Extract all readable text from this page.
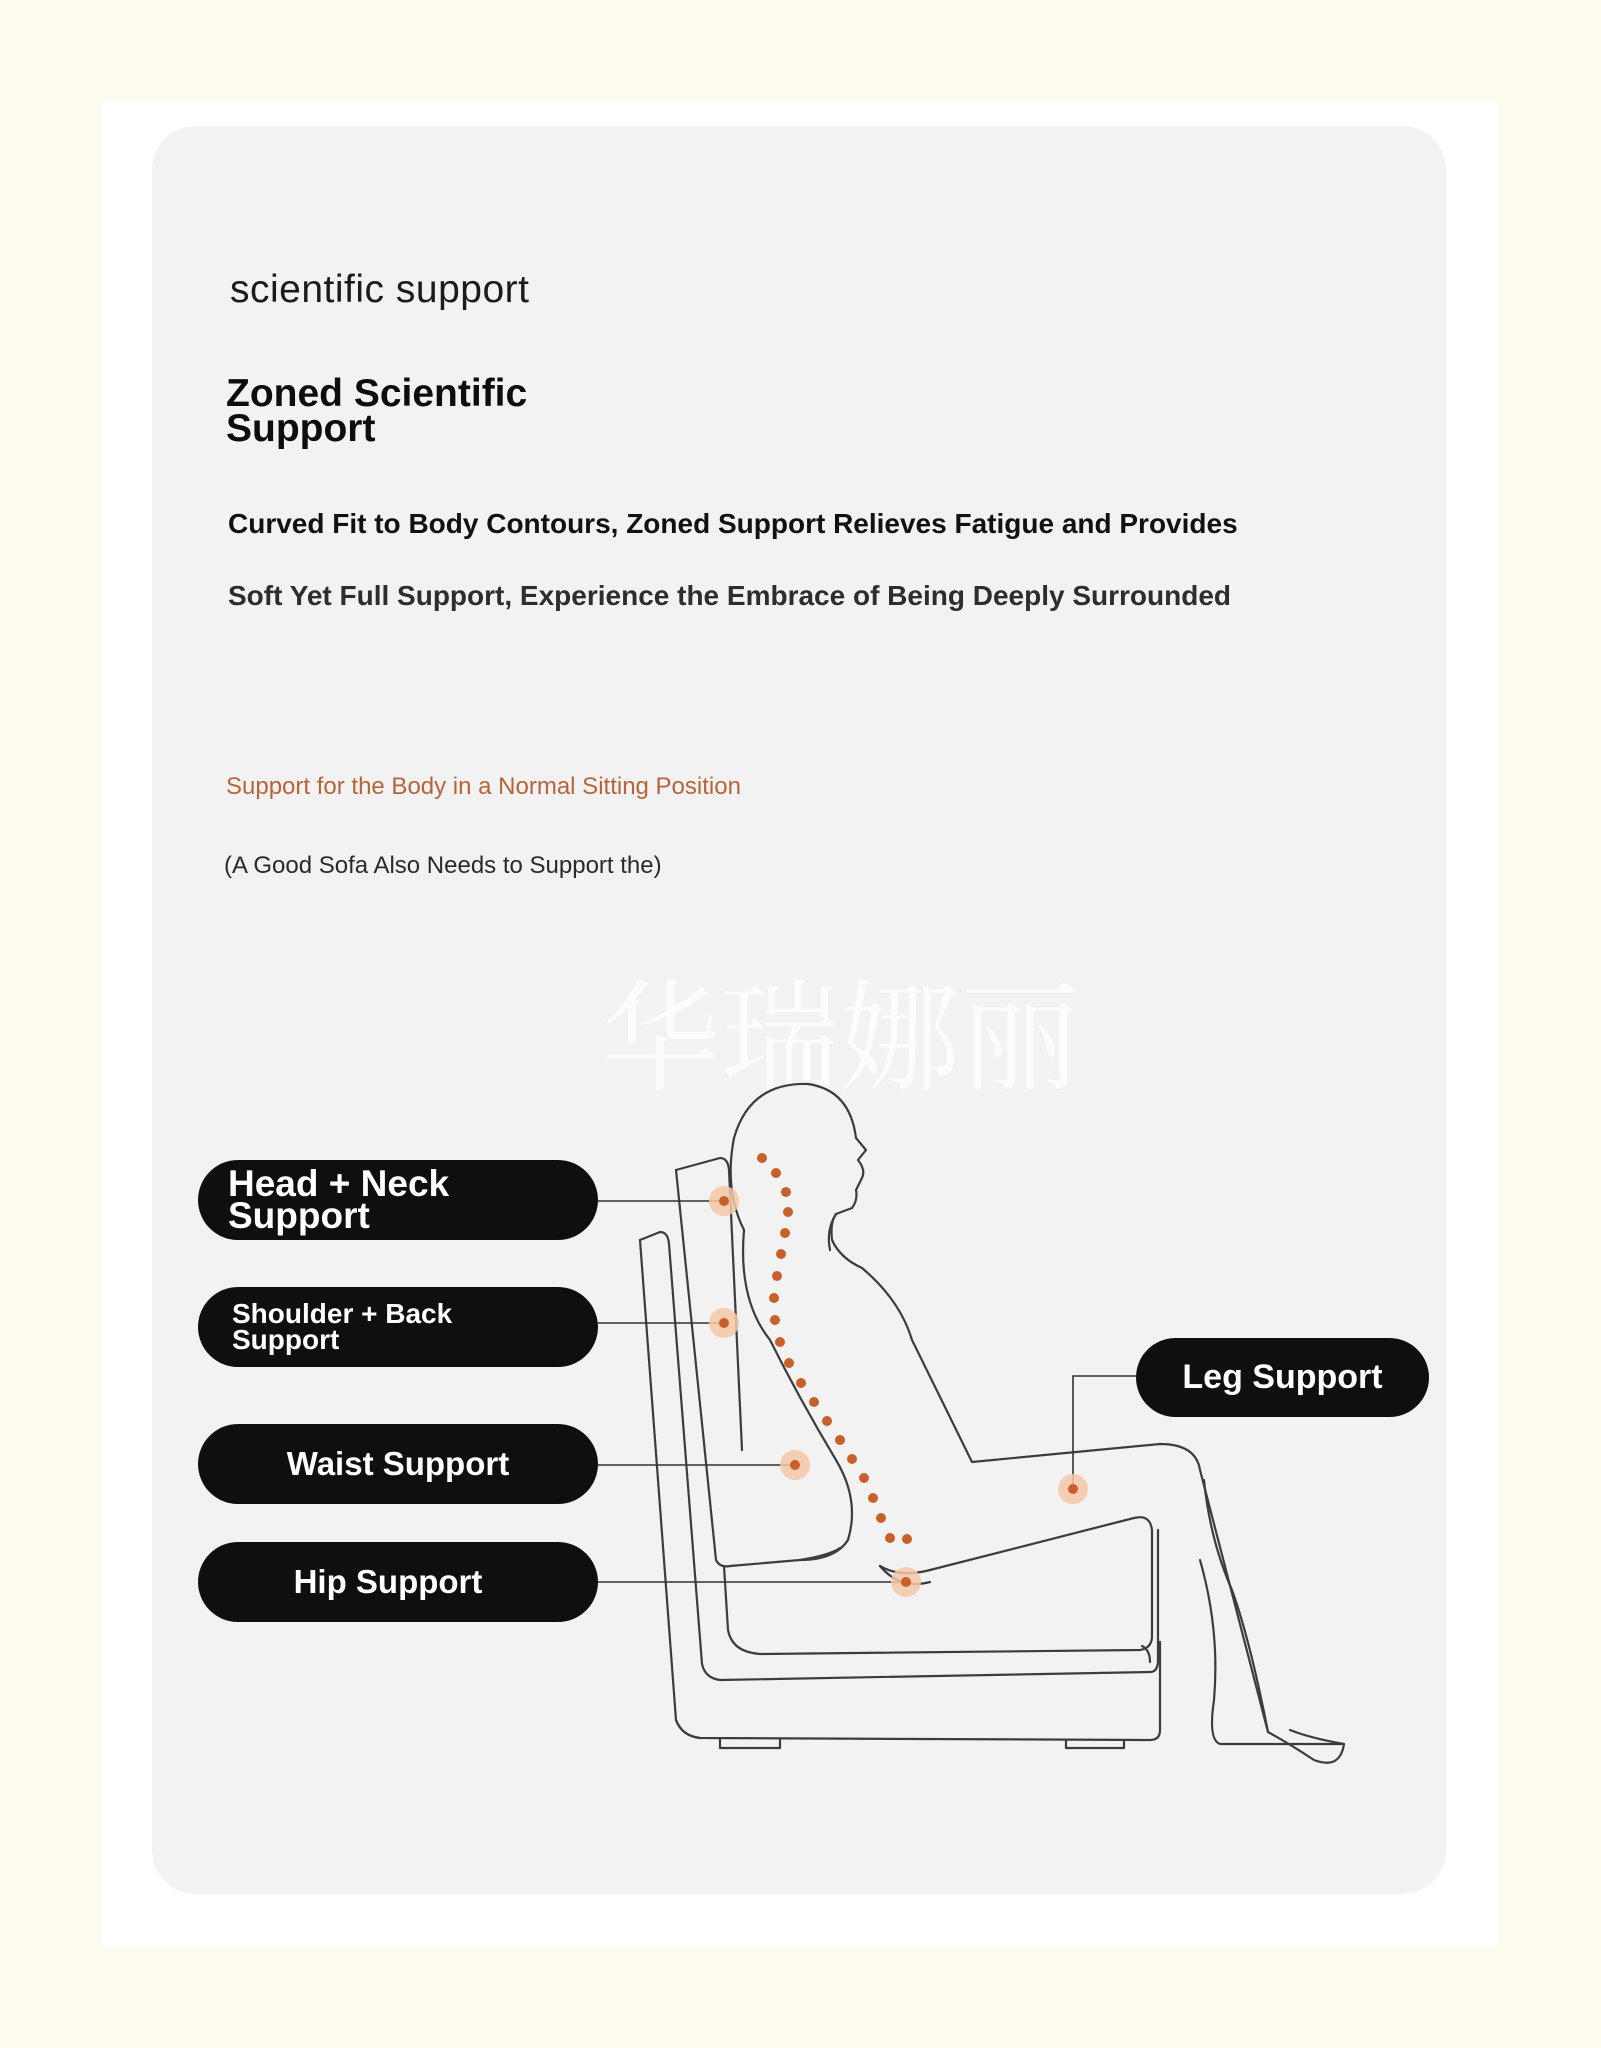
scientific support
Zoned Scientific Support
Curved Fit to Body Contours, Zoned Support Relieves Fatigue and Provides
Soft Yet Full Support, Experience the Embrace of Being Deeply Surrounded
Support for the Body in a Normal Sitting Position
(A Good Sofa Also Needs to Support the)
华瑞娜丽
Head + Neck Support
Shoulder + Back Support
Waist Support
Hip Support
Leg Support
